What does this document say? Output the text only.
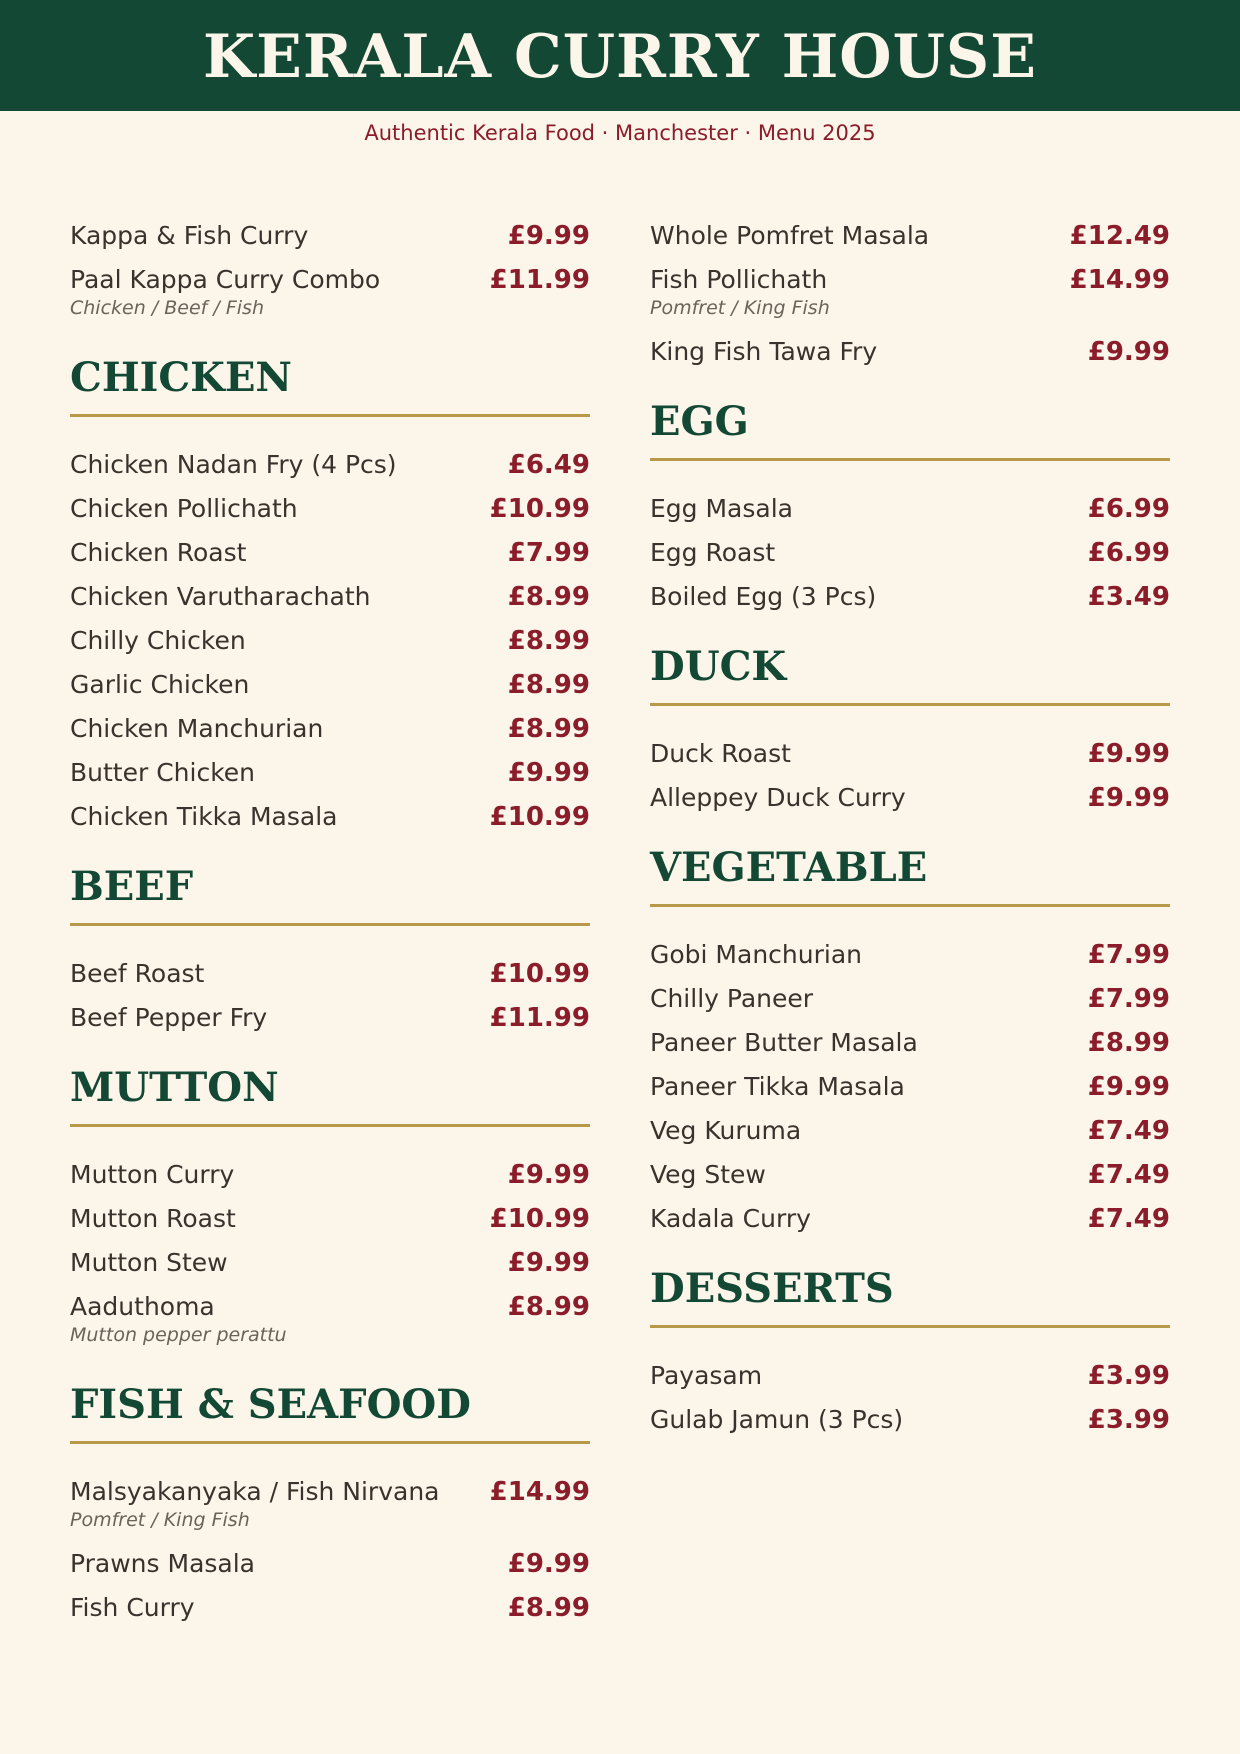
KERALA CURRY HOUSE
Authentic Kerala Food · Manchester · Menu 2025
Kappa & Fish Curry	£9.99
Paal Kappa Curry Combo	£11.99
Chicken / Beef / Fish
CHICKEN
Chicken Nadan Fry (4 Pcs)	£6.49
Chicken Pollichath	£10.99
Chicken Roast	£7.99
Chicken Varutharachath	£8.99
Chilly Chicken	£8.99
Garlic Chicken	£8.99
Chicken Manchurian	£8.99
Butter Chicken	£9.99
Chicken Tikka Masala	£10.99
BEEF
Beef Roast	£10.99
Beef Pepper Fry	£11.99
MUTTON
Mutton Curry	£9.99
Mutton Roast	£10.99
Mutton Stew	£9.99
Aaduthoma	£8.99
Mutton pepper perattu
FISH & SEAFOOD
Malsyakanyaka / Fish Nirvana £14.99
Pomfret / King Fish
Prawns Masala	£9.99
Fish Curry	£8.99
Whole Pomfret Masala	£12.49
Fish Pollichath	£14.99
Pomfret / King Fish
King Fish Tawa Fry	£9.99
EGG
Egg Masala	£6.99
Egg Roast	£6.99
Boiled Egg (3 Pcs)	£3.49
DUCK
Duck Roast	£9.99
Alleppey Duck Curry	£9.99
VEGETABLE
Gobi Manchurian	£7.99
Chilly Paneer	£7.99
Paneer Butter Masala	£8.99
Paneer Tikka Masala	£9.99
Veg Kuruma	£7.49
Veg Stew	£7.49
Kadala Curry	£7.49
DESSERTS
Payasam	£3.99
Gulab Jamun (3 Pcs)	£3.99
